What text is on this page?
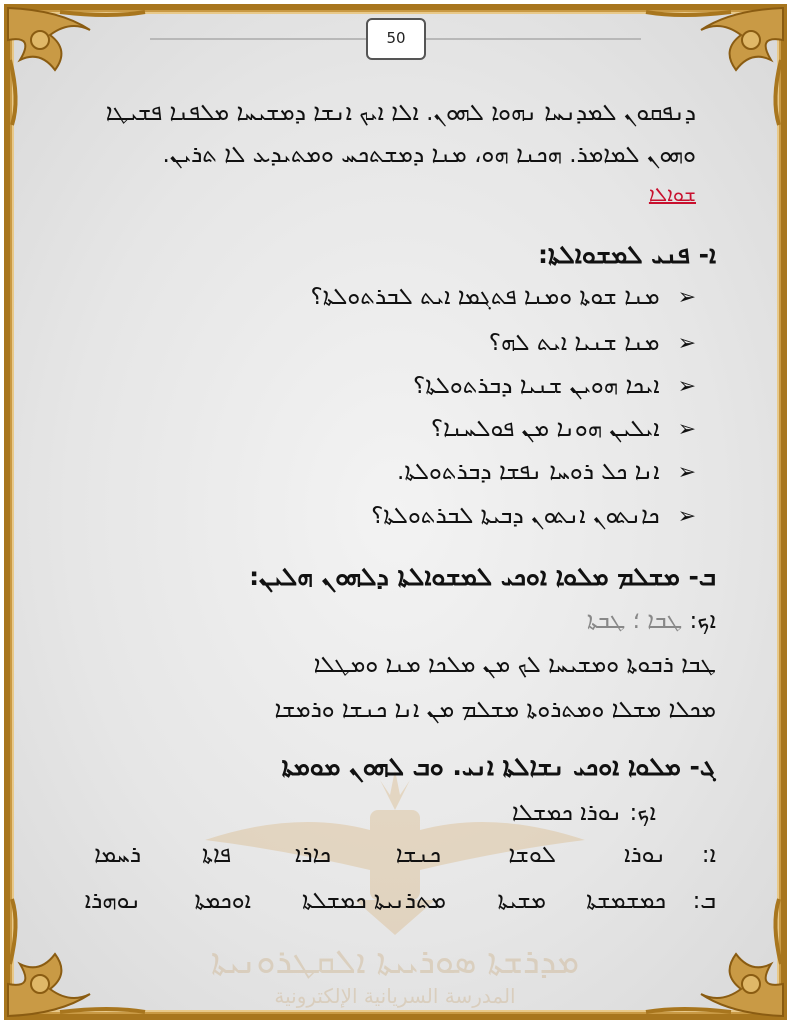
50
ܡܕܪܫܬܐ ܣܘܪܝܝܬܐ ܐܠܩܛܪܘܢܝܬܐ
المدرسة السريانية الإلكترونية
ܕܢܦܩܘܢ ܠܡܕܢܚܐ ܢܗܘܐ ܠܗܘܢ. ܐܠܐ ܐܝܟ ܐܢܫܐ ܕܡܫܝܚܐ ܡܠܦܢܐ ܦܫܝܛܐ
ܘܗܘܢ ܠܡܐܡܪ. ܗܟܢܐ ܗܘ، ܡܢܐ ܕܡܫܬܟܚ ܘܡܬܝܕܥ ܠܐ ܬܪܝܢ.
ܫܘܐܠܐ
ܐ- ܦܢܝ ܠܡܫܘܐܠܬܐ:
➢ܡܢܐ ܫܘܬܐ ܘܡܢܐ ܦܬܓܡܐ ܐܝܬ ܠܒܪܬܘܠܬܐ؟
➢ܡܢܐ ܫܢܝܐ ܐܝܬ ܠܗ؟
➢ܐܝܟܐ ܗܘܝܢ ܫܢܝܐ ܕܒܪܬܘܠܬܐ؟
➢ܐܝܠܝܢ ܗܘܢܐ ܡܢ ܦܘܠܚܢܐ؟
➢ܐܢܐ ܟܠ ܪܘܚܐ ܢܦܫܐ ܕܒܪܬܘܠܬܐ.
➢ܟܐܢܬܘܢ ܐܢܬܘܢ ܕܒܝܬܐ ܠܒܪܬܘܠܬܐ؟
ܒ- ܡܫܠܡ ܡܠܘܐ ܐܘܟܝ ܠܡܫܘܐܠܬܐ ܕܠܗܘܢ ܗܠܝܢ:
ܐܟ: ܛܒܐ ؛ ܛܒܬܐ
ܛܒܐ ܪܒܘܬܐ ܘܡܫܝܚܐ ܠܟ ܡܢ ܡܠܟܐ ܡܢܐ ܘܡܛܠܐ
ܡܟܠܐ ܡܫܠܐ ܘܡܬܪܘܬܐ ܡܫܠܡ ܡܢ ܐܢܐ ܟܢܫܐ ܘܪܡܫܐ
ܓ- ܡܠܘܐ ܐܘܟܝ ܢܫܐܠܬܐ ܐܢܝ. ܘܒ ܠܗܘܢ ܡܘܡܬܐ
ܐܟ: ܢܘܪܐ ܟܡܫܠܐ
ܐ:
ܢܘܪܐ
ܠܘܫܐ
ܟܢܫܐ
ܟܐܪܐ
ܦܐܬܐ
ܪܚܡܐ
ܒ:
ܟܡܫܡܫܬܐ
ܡܫܝܬܐ
ܡܬܪܢܝܬܐ ܟܡܫܠܬܐ
ܐܘܟܡܬܐ
ܢܘܗܪܐ
